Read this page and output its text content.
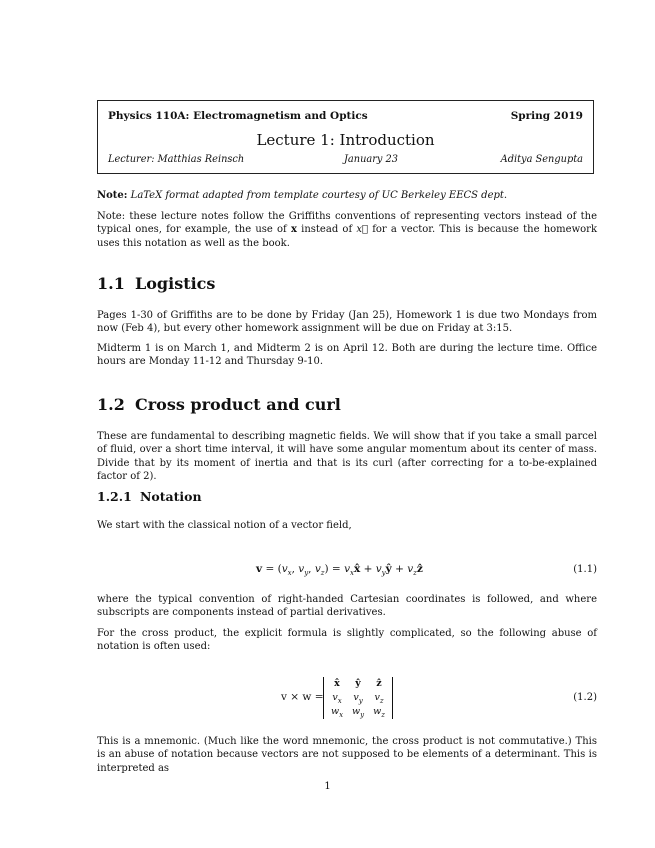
Physics 110A: Electromagnetism and Optics	Spring 2019
Lecture 1: Introduction
Lecturer: Matthias Reinsch	January 23	Aditya Sengupta
Note: LaTeX format adapted from template courtesy of UC Berkeley EECS dept.
Note: these lecture notes follow the Griffiths conventions of representing vectors instead of the typical ones, for example, the use of x instead of x⃗ for a vector. This is because the homework uses this notation as well as the book.
1.1 Logistics
Pages 1-30 of Griffiths are to be done by Friday (Jan 25), Homework 1 is due two Mondays from now (Feb 4), but every other homework assignment will be due on Friday at 3:15.
Midterm 1 is on March 1, and Midterm 2 is on April 12. Both are during the lecture time. Office hours are Monday 11-12 and Thursday 9-10.
1.2 Cross product and curl
These are fundamental to describing magnetic fields. We will show that if you take a small parcel of fluid, over a short time interval, it will have some angular momentum about its center of mass. Divide that by its moment of inertia and that is its curl (after correcting for a to-be-explained factor of 2).
1.2.1 Notation
We start with the classical notion of a vector field,
$v = (v_x$, $v_y$, $v_z$) = $v_xx̂$ + $v_yŷ$ + $v_zẑ$	(1.1)
where the typical convention of right-handed Cartesian coordinates is followed, and where subscripts are components instead of partial derivatives.
For the cross product, the explicit formula is slightly complicated, so the following abuse of notation is often used:
v × w =
x̂	ŷ	ẑ
$v_x$	$v_y$	$v_z$
$w_x$ $w_y$ $w_z$
(1.2)
This is a mnemonic. (Much like the word mnemonic, the cross product is not commutative.) This is an abuse of notation because vectors are not supposed to be elements of a determinant. This is interpreted as
1
